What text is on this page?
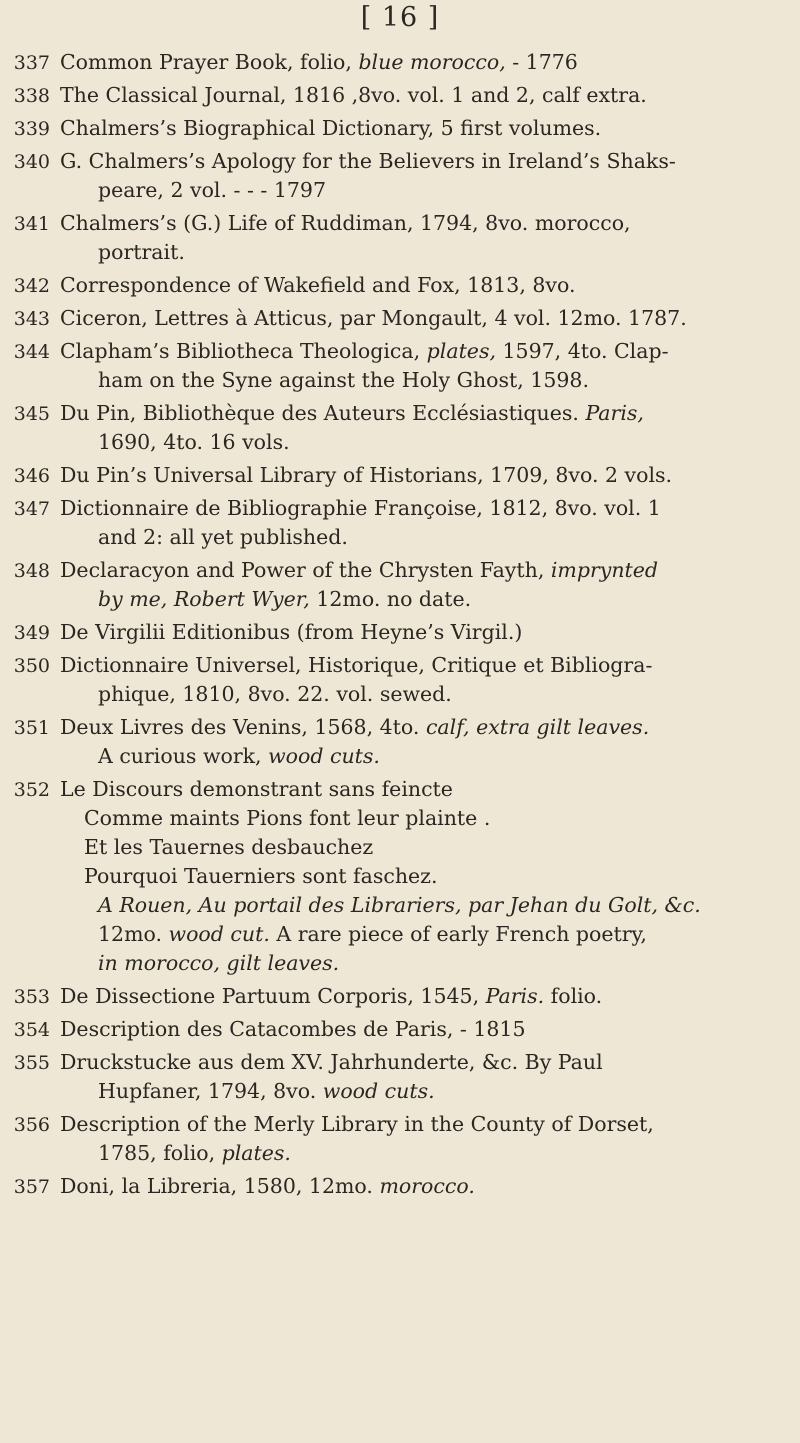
[ 16 ]
337 Common Prayer Book, folio, blue morocco, - 1776
338 The Classical Journal, 1816 ,8vo. vol. 1 and 2, calf extra.
339 Chalmers’s Biographical Dictionary, 5 first volumes.
340 G. Chalmers’s Apology for the Believers in Ireland’s Shaks-
peare, 2 vol. - - - 1797
341 Chalmers’s (G.) Life of Ruddiman, 1794, 8vo. morocco,
portrait.
342 Correspondence of Wakefield and Fox, 1813, 8vo.
343 Ciceron, Lettres à Atticus, par Mongault, 4 vol. 12mo. 1787.
344 Clapham’s Bibliotheca Theologica, plates, 1597, 4to. Clap-
ham on the Syne against the Holy Ghost, 1598.
345 Du Pin, Bibliothèque des Auteurs Ecclésiastiques. Paris,
1690, 4to. 16 vols.
346 Du Pin’s Universal Library of Historians, 1709, 8vo. 2 vols.
347 Dictionnaire de Bibliographie Françoise, 1812, 8vo. vol. 1
and 2: all yet published.
348 Declaracyon and Power of the Chrysten Fayth, imprynted
by me, Robert Wyer, 12mo. no date.
349 De Virgilii Editionibus (from Heyne’s Virgil.)
350 Dictionnaire Universel, Historique, Critique et Bibliogra-
phique, 1810, 8vo. 22. vol. sewed.
351 Deux Livres des Venins, 1568, 4to. calf, extra gilt leaves.
A curious work, wood cuts.
352 Le Discours demonstrant sans feincte
Comme maints Pions font leur plainte .
Et les Tauernes desbauchez
Pourquoi Tauerniers sont faschez.
A Rouen, Au portail des Librariers, par Jehan du Golt, &c.
12mo. wood cut. A rare piece of early French poetry,
in morocco, gilt leaves.
353 De Dissectione Partuum Corporis, 1545, Paris. folio.
354 Description des Catacombes de Paris, - 1815
355 Druckstucke aus dem XV. Jahrhunderte, &c. By Paul
Hupfaner, 1794, 8vo. wood cuts.
356 Description of the Merly Library in the County of Dorset,
1785, folio, plates.
357 Doni, la Libreria, 1580, 12mo. morocco.
